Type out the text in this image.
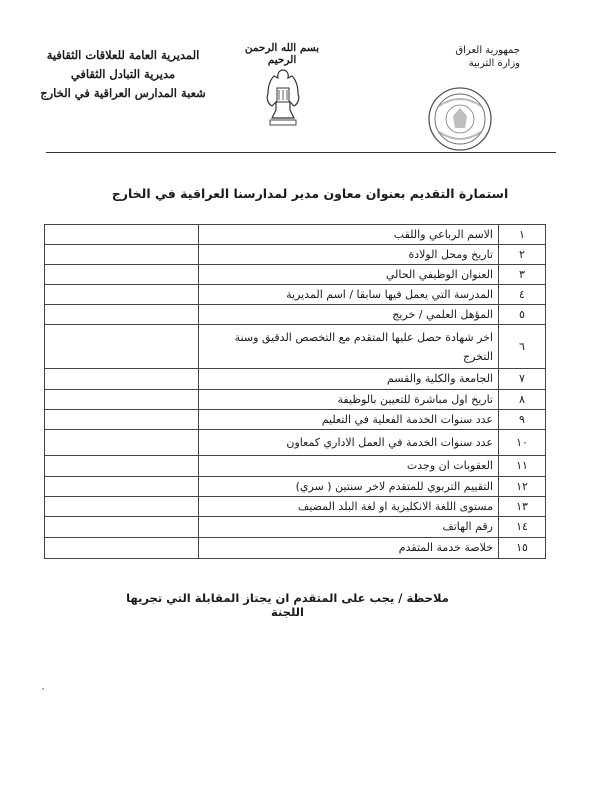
المديرية العامة للعلاقات الثقافية
مديرية التبادل الثقافي
شعبة المدارس العراقية في الخارج
بسم الله الرحمن الرحيم
جمهورية العراق
وزارة التربية
استمارة التقديم بعنوان معاون مدير لمدارسنا العراقية في الخارج
١	الاسم الرباعي واللقب	
٢	تاريخ ومحل الولادة	
٣	العنوان الوظيفي الحالي	
٤	المدرسة التي يعمل فيها سابقا / اسم المديرية	
٥	المؤهل العلمي / خريج	
٦	اخر شهادة حصل عليها المتقدم مع التخصص الدقيق وسنة التخرج	
٧	الجامعة والكلية والقسم	
٨	تاريخ اول مباشرة للتعيين بالوظيفة	
٩	عدد سنوات الخدمة الفعلية في التعليم	
١٠	عدد سنوات الخدمة في العمل الاداري كمعاون	
١١	العقوبات ان وجدت	
١٢	التقييم التربوي للمتقدم لاخر سنتين ( سري)	
١٣	مستوى اللغة الانكليزية او لغة البلد المضيف	
١٤	رقم الهاتف	
١٥	خلاصة خدمة المتقدم	
ملاحظة / يجب على المتقدم ان يجتاز المقابلة التي تجريها اللجنة
